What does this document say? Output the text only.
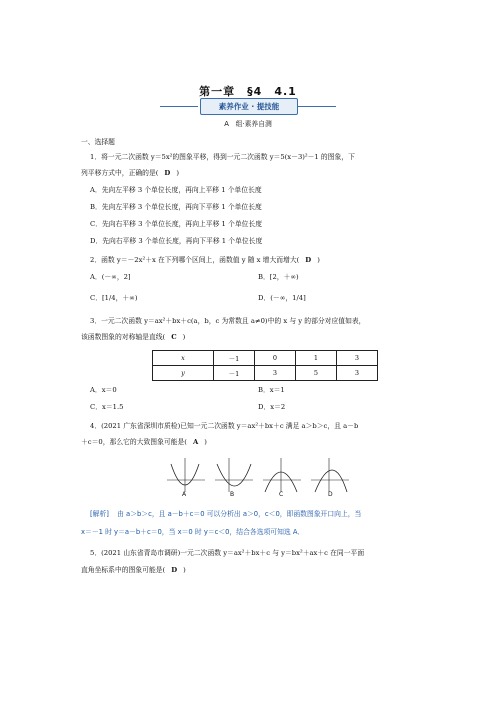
第一章　§4　4.1
素养作业 · 提技能
A　组·素养自测
一、选择题
1．将一元二次函数 y＝5x²的图象平移，得到一元二次函数 y＝5(x－3)²－1 的图象，下
列平移方式中，正确的是( D )
A．先向左平移 3 个单位长度，再向上平移 1 个单位长度
B．先向左平移 3 个单位长度，再向下平移 1 个单位长度
C．先向右平移 3 个单位长度，再向上平移 1 个单位长度
D．先向右平移 3 个单位长度，再向下平移 1 个单位长度
2．函数 y＝－2x²＋x 在下列哪个区间上，函数值 y 随 x 增大而增大( D )
A．(－∞，2]	B．[2，＋∞)
C．[1/4，＋∞)	D．(－∞，1/4]
3．一元二次函数 y＝ax²＋bx＋c(a，b，c 为常数且 a≠0)中的 x 与 y 的部分对应值如表，
该函数图象的对称轴是直线( C )
x	－1	0	1	3
y	－1	3	5	3
A．x＝0	B．x＝1
C．x＝1.5	D．x＝2
4．(2021 广东省深圳市质检)已知一元二次函数 y＝ax²＋bx＋c 满足 a＞b＞c，且 a－b
＋c＝0，那么它的大致图象可能是( A )
A	B	C	D
[解析] 由 a＞b＞c，且 a－b＋c＝0 可以分析出 a＞0，c＜0，即函数图象开口向上，当
x＝－1 时 y＝a－b＋c＝0，当 x＝0 时 y＝c＜0，结合各选项可知选 A．
5．(2021 山东省青岛市调研)一元二次函数 y＝ax²＋bx＋c 与 y＝bx²＋ax＋c 在同一平面
直角坐标系中的图象可能是( D )
